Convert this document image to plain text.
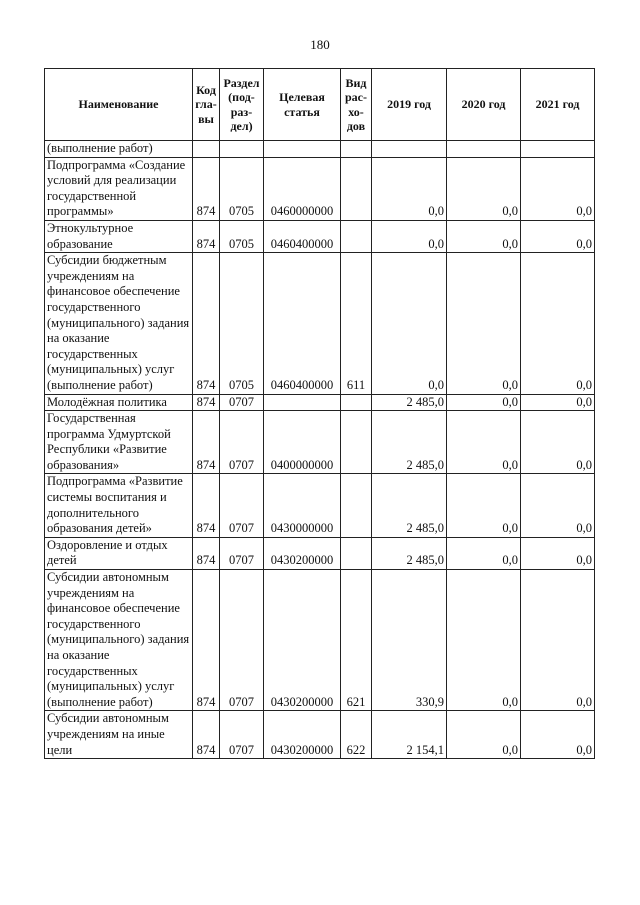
180
Наименование	Код гла-вы	Раздел (под-раз-дел)	Целевая статья	Вид рас-хо-дов	2019 год	2020 год	2021 год
(выполнение работ)							
Подпрограмма «Создание условий для реализации государственной программы»	874	0705	0460000000		0,0	0,0	0,0
Этнокультурное образование	874	0705	0460400000		0,0	0,0	0,0
Субсидии бюджетным учреждениям на финансовое обеспечение государственного (муниципального) задания на оказание государственных (муниципальных) услуг (выполнение работ)	874	0705	0460400000	611	0,0	0,0	0,0
Молодёжная политика	874	0707			2 485,0	0,0	0,0
Государственная программа Удмуртской Республики «Развитие образования»	874	0707	0400000000		2 485,0	0,0	0,0
Подпрограмма «Развитие системы воспитания и дополнительного образования детей»	874	0707	0430000000		2 485,0	0,0	0,0
Оздоровление и отдых детей	874	0707	0430200000		2 485,0	0,0	0,0
Субсидии автономным учреждениям на финансовое обеспечение государственного (муниципального) задания на оказание государственных (муниципальных) услуг (выполнение работ)	874	0707	0430200000	621	330,9	0,0	0,0
Субсидии автономным учреждениям на иные цели	874	0707	0430200000	622	2 154,1	0,0	0,0
